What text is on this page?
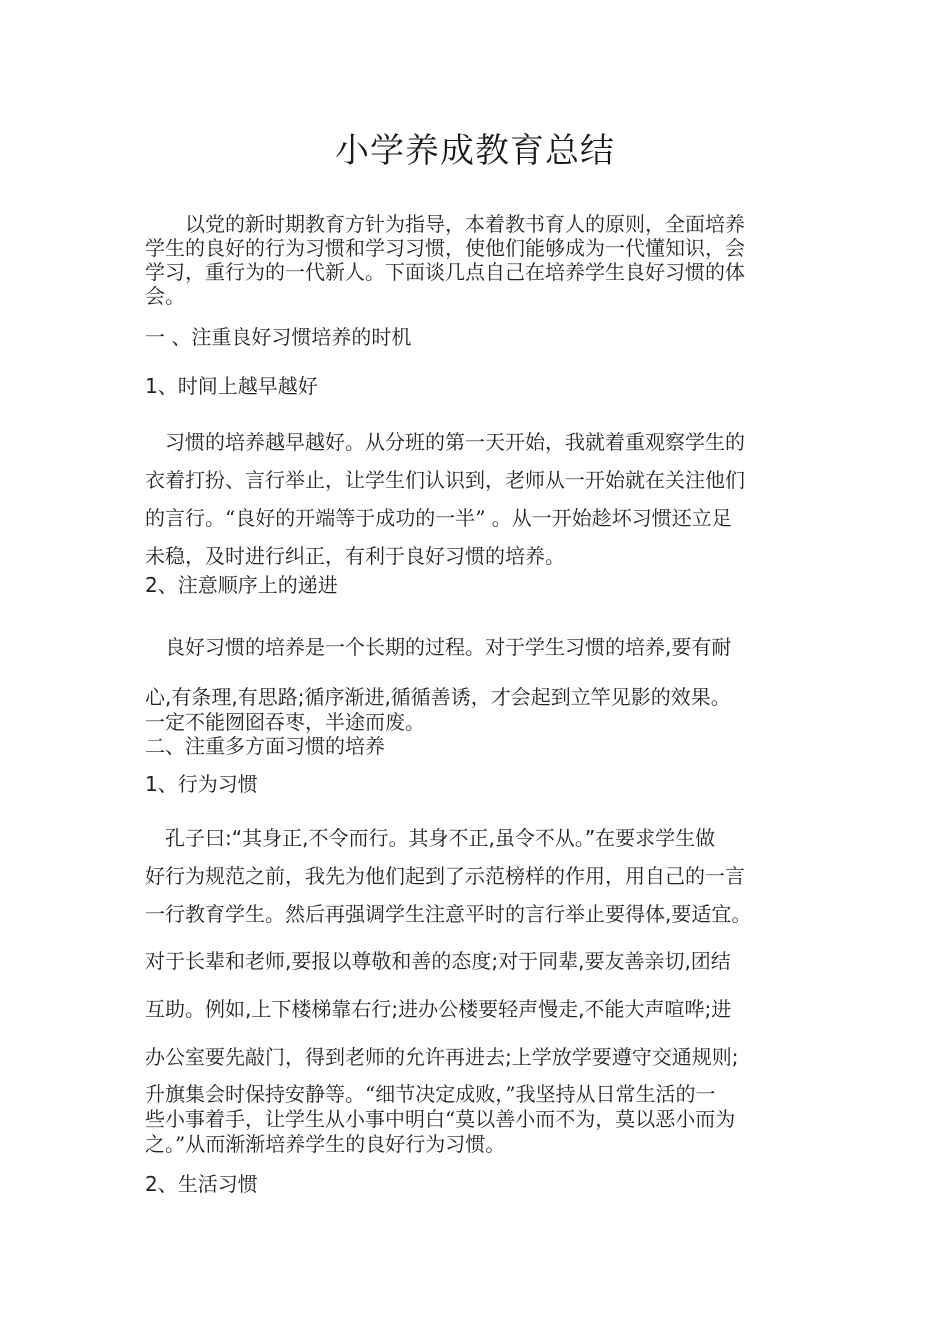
小学养成教育总结
　　以党的新时期教育方针为指导，本着教书育人的原则，全面培养
学生的良好的行为习惯和学习习惯，使他们能够成为一代懂知识，会
学习，重行为的一代新人。下面谈几点自己在培养学生良好习惯的体
会。
一 、注重良好习惯培养的时机
1、时间上越早越好
　习惯的培养越早越好。从分班的第一天开始，我就着重观察学生的
衣着打扮、言行举止，让学生们认识到，老师从一开始就在关注他们
的言行。“良好的开端等于成功的一半” 。从一开始趁坏习惯还立足
未稳，及时进行纠正，有利于良好习惯的培养。
2、注意顺序上的递进
　良好习惯的培养是一个长期的过程。对于学生习惯的培养,要有耐
心,有条理,有思路;循序渐进,循循善诱，才会起到立竿见影的效果。
一定不能囫囵吞枣，半途而废。
二、注重多方面习惯的培养
1、行为习惯
　孔子曰:“其身正,不令而行。其身不正,虽令不从。”在要求学生做
好行为规范之前，我先为他们起到了示范榜样的作用，用自己的一言
一行教育学生。然后再强调学生注意平时的言行举止要得体,要适宜。
对于长辈和老师,要报以尊敬和善的态度;对于同辈,要友善亲切,团结
互助。例如,上下楼梯靠右行;进办公楼要轻声慢走,不能大声喧哗;进
办公室要先敲门，得到老师的允许再进去;上学放学要遵守交通规则;
升旗集会时保持安静等。“细节决定成败，”我坚持从日常生活的一
些小事着手，让学生从小事中明白“莫以善小而不为，莫以恶小而为
之。”从而渐渐培养学生的良好行为习惯。
2、生活习惯
